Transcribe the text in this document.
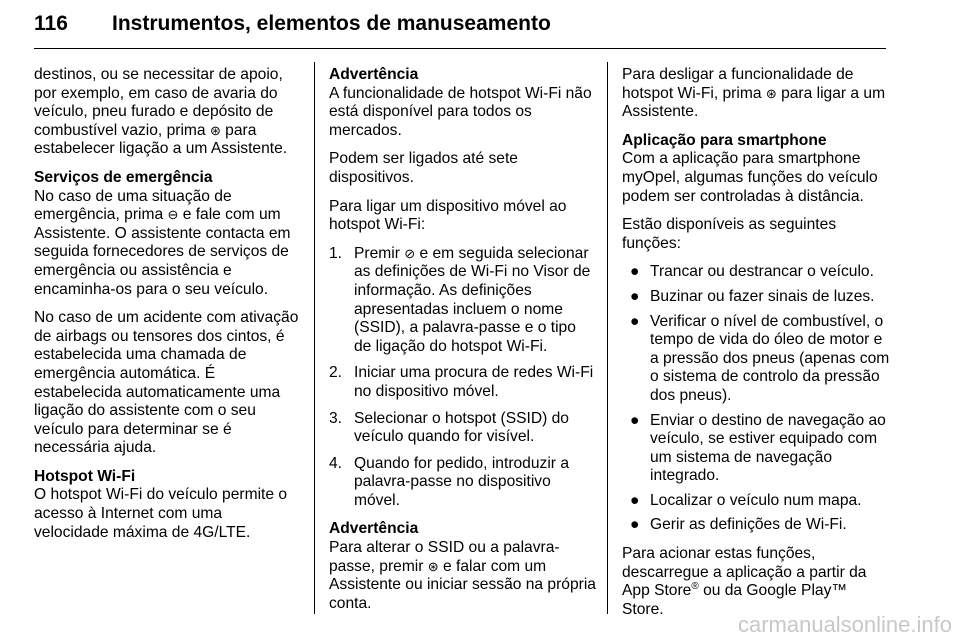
116 Instrumentos, elementos de manuseamento

destinos, ou se necessitar de apoio, por exemplo, em caso de avaria do veículo, pneu furado e depósito de combustível vazio, prima ⊛ para estabelecer ligação a um Assistente.

Serviços de emergência
No caso de uma situação de emergência, prima ⊖ e fale com um Assistente. O assistente contacta em seguida fornecedores de serviços de emergência ou assistência e encaminha-os para o seu veículo.

No caso de um acidente com ativação de airbags ou tensores dos cintos, é estabelecida uma chamada de emergência automática. É estabelecida automaticamente uma ligação do assistente com o seu veículo para determinar se é necessária ajuda.

Hotspot Wi-Fi
O hotspot Wi-Fi do veículo permite o acesso à Internet com uma velocidade máxima de 4G/LTE.

Advertência
A funcionalidade de hotspot Wi-Fi não está disponível para todos os mercados.

Podem ser ligados até sete dispositivos.

Para ligar um dispositivo móvel ao hotspot Wi-Fi:

1. Premir ⊘ e em seguida selecionar as definições de Wi-Fi no Visor de informação. As definições apresentadas incluem o nome (SSID), a palavra-passe e o tipo de ligação do hotspot Wi-Fi.
2. Iniciar uma procura de redes Wi-Fi no dispositivo móvel.
3. Selecionar o hotspot (SSID) do veículo quando for visível.
4. Quando for pedido, introduzir a palavra-passe no dispositivo móvel.
Advertência
Para alterar o SSID ou a palavra-passe, premir ⊛ e falar com um Assistente ou iniciar sessão na própria conta.

Para desligar a funcionalidade de hotspot Wi-Fi, prima ⊛ para ligar a um Assistente.

Aplicação para smartphone
Com a aplicação para smartphone myOpel, algumas funções do veículo podem ser controladas à distância.

Estão disponíveis as seguintes funções:

● Trancar ou destrancar o veículo.
● Buzinar ou fazer sinais de luzes.
● Verificar o nível de combustível, o tempo de vida do óleo de motor e a pressão dos pneus (apenas com o sistema de controlo da pressão dos pneus).
● Enviar o destino de navegação ao veículo, se estiver equipado com um sistema de navegação integrado.
● Localizar o veículo num mapa.
● Gerir as definições de Wi-Fi.

Para acionar estas funções, descarregue a aplicação a partir da App Store® ou da Google Play™
Store.

carmanualsonline.info
